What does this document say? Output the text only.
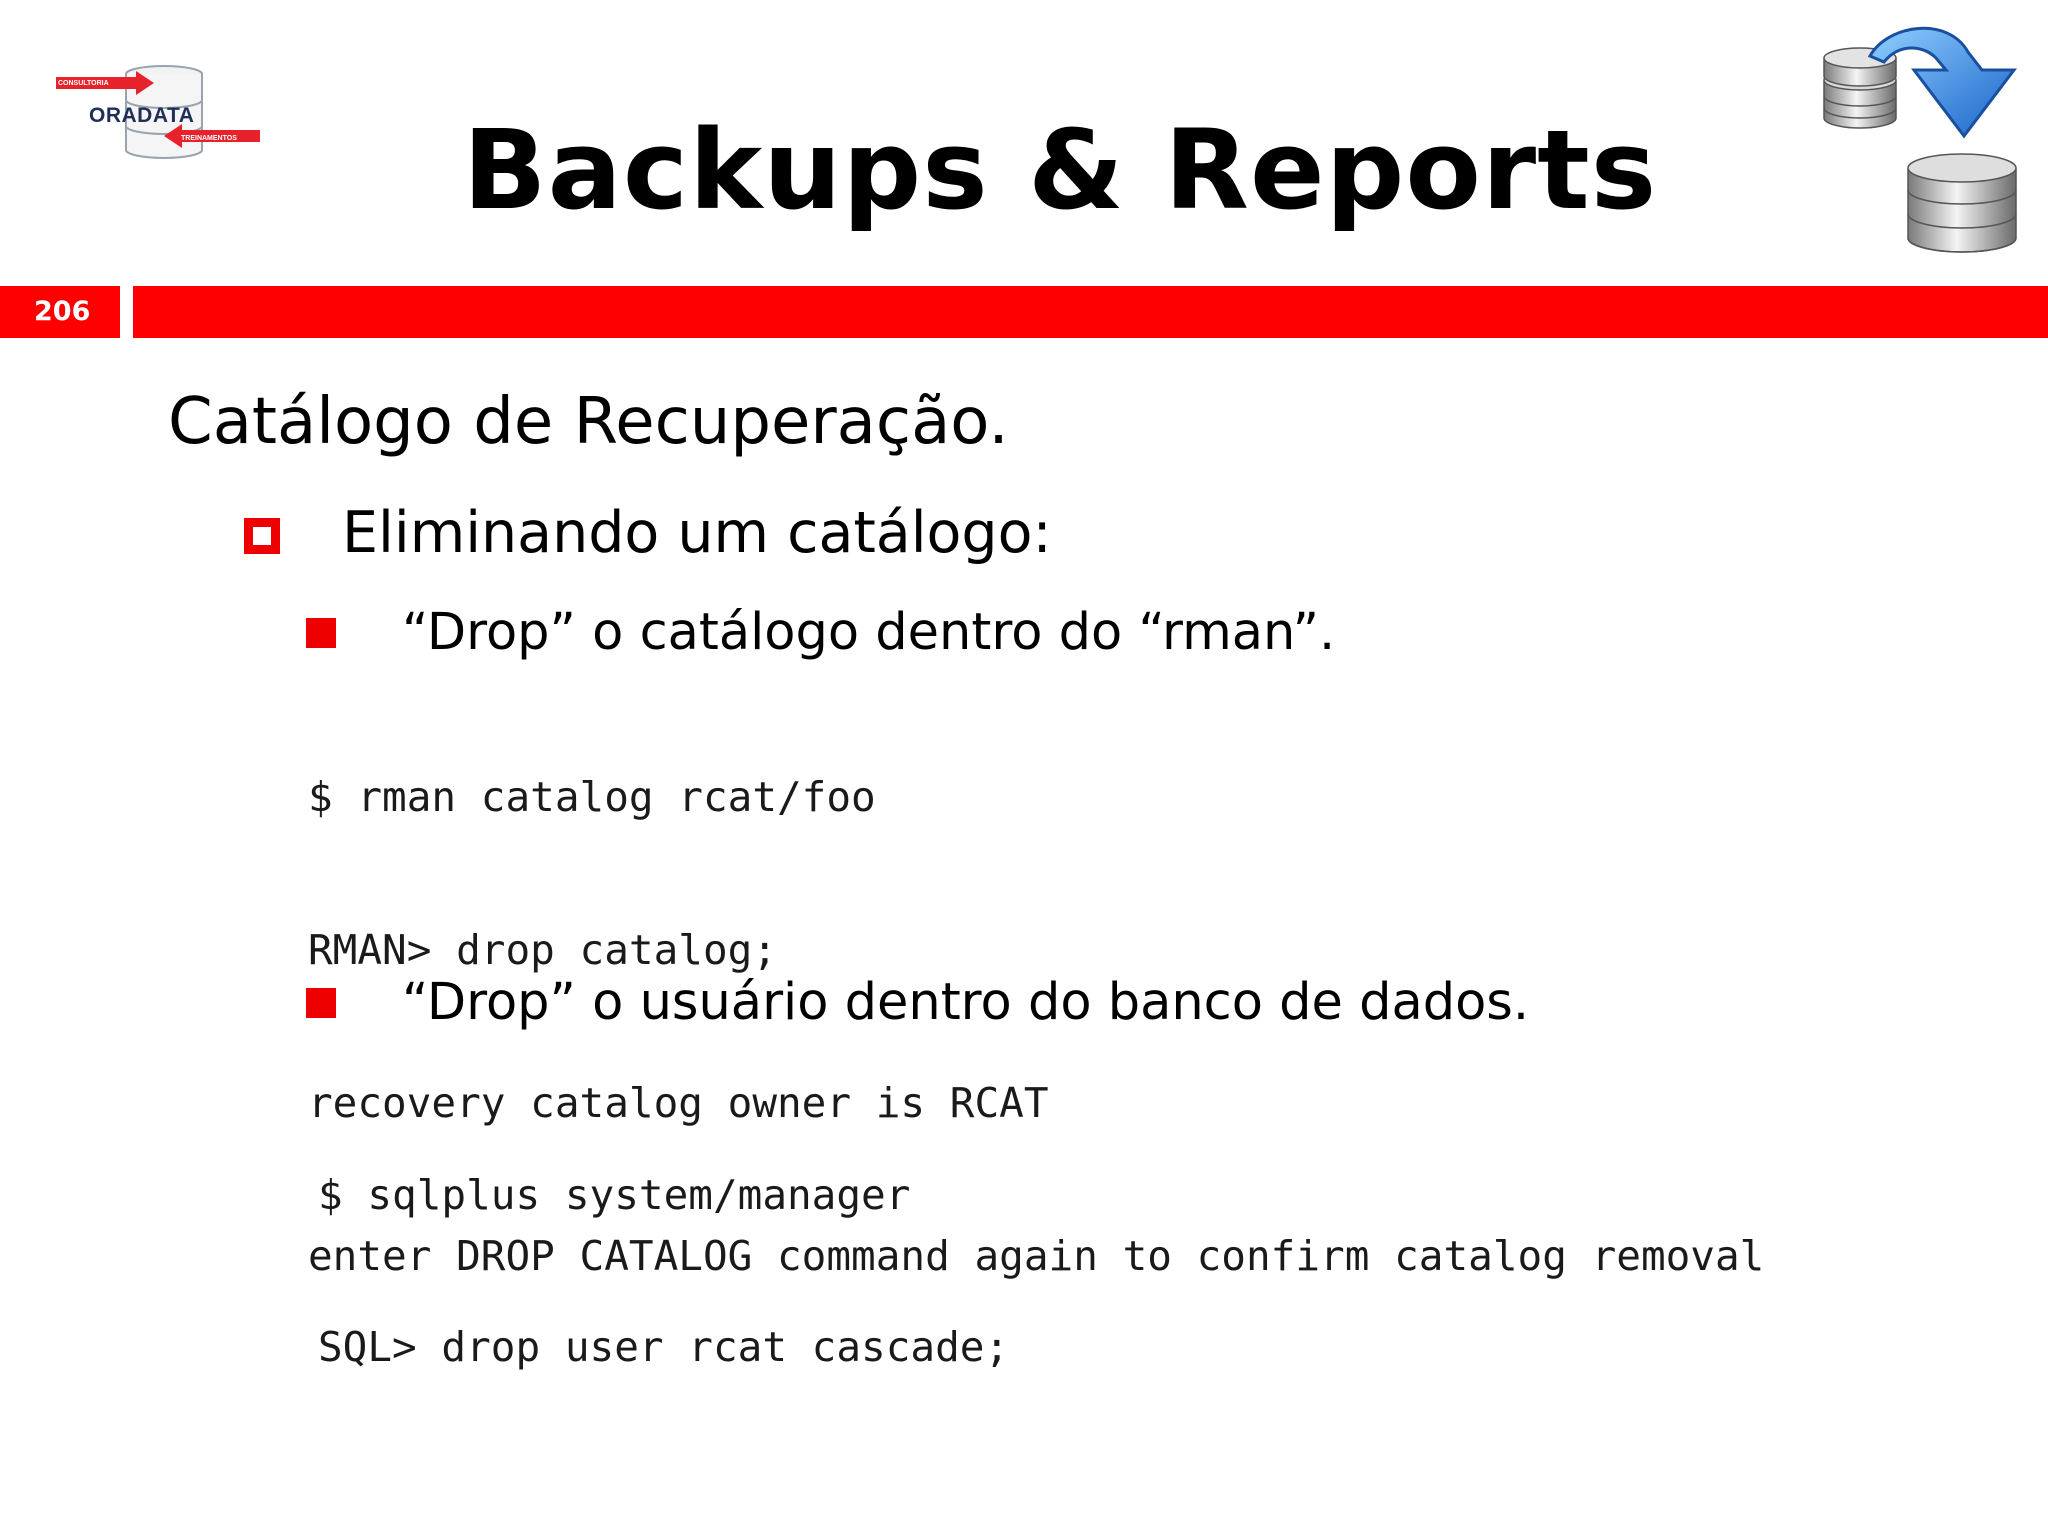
CONSULTORIA
ORADATA
TREINAMENTOS Backups & Reports
206
Catálogo de Recuperação.
Eliminando um catálogo:
“Drop” o catálogo dentro do “rman”.

$ rman catalog rcat/foo

RMAN> drop catalog;

recovery catalog owner is RCAT

enter DROP CATALOG command again to confirm catalog removal

“Drop” o usuário dentro do banco de dados.

$ sqlplus system/manager

SQL> drop user rcat cascade;
